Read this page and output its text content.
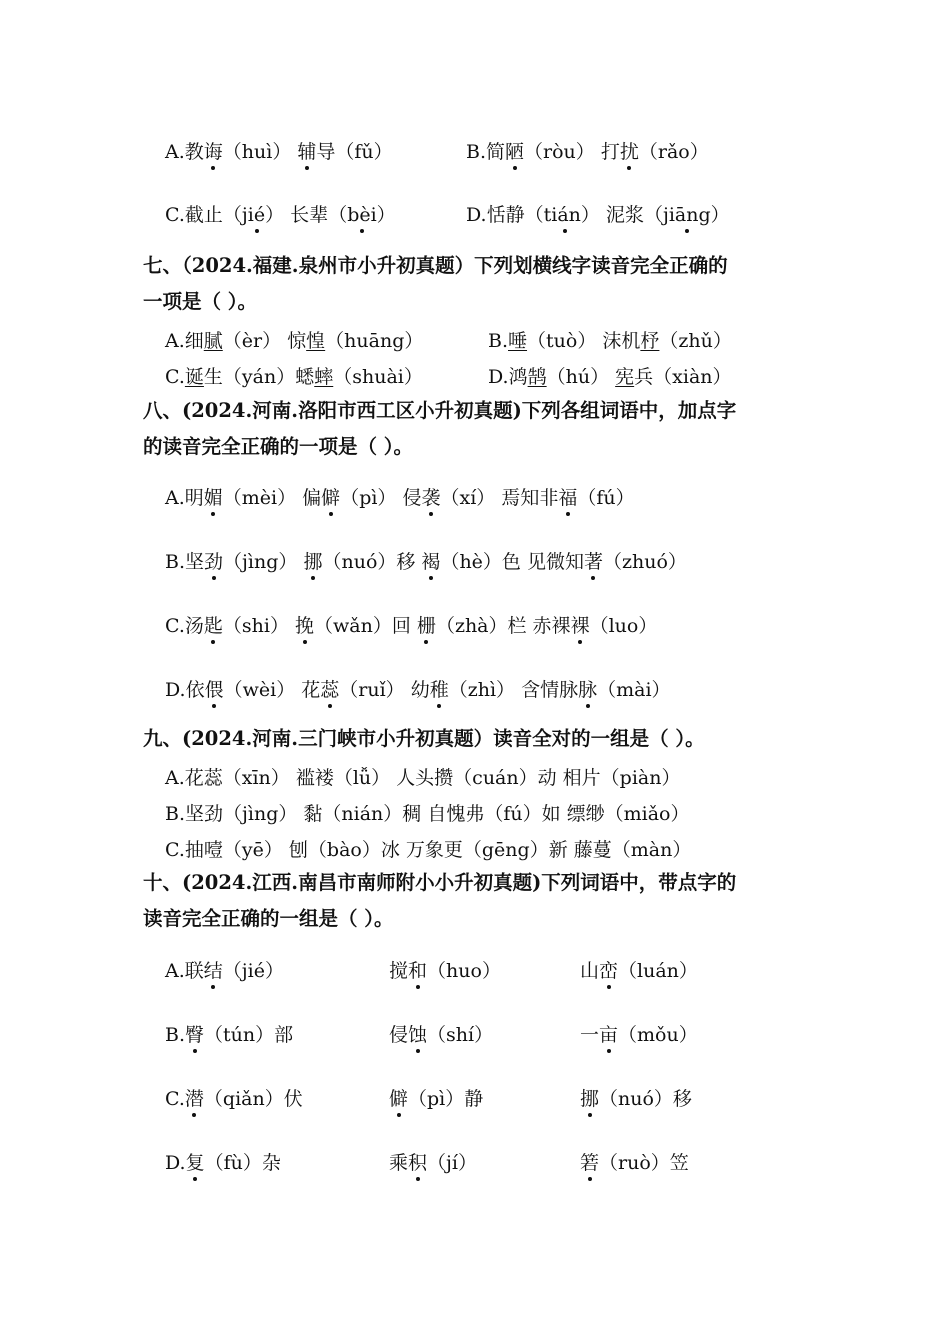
A.教诲（huì） 辅导（fǔ）	B.简陋（ròu） 打扰（rǎo）
C.截止（jié） 长辈（bèi）	D.恬静（tián） 泥浆（jiāng）
七、（2024.福建.泉州市小升初真题）下列划横线字读音完全正确的
一项是（ ）。
A.细腻（èr） 惊惶（huāng）	B.唾（tuò） 沫机杼（zhǔ）
C.诞生（yán）蟋蟀（shuài）	D.鸿鹄（hú） 宪兵（xiàn）
八、(2024.河南.洛阳市西工区小升初真题)下列各组词语中，加点字
的读音完全正确的一项是（ ）。
A.明媚（mèi） 偏僻（pì） 侵袭（xí） 焉知非福（fú）
B.坚劲（jìng） 挪（nuó）移 褐（hè）色 见微知著（zhuó）
C.汤匙（shi） 挽（wǎn）回 栅（zhà）栏 赤裸裸（luo）
D.依偎（wèi） 花蕊（ruǐ） 幼稚（zhì） 含情脉脉（mài）
九、(2024.河南.三门峡市小升初真题）读音全对的一组是（ ）。
A.花蕊（xīn） 褴褛（lǚ） 人头攒（cuán）动 相片（piàn）
B.坚劲（jìng） 黏（nián）稠 自愧弗（fú）如 缥缈（miǎo）
C.抽噎（yē） 刨（bào）冰 万象更（gēng）新 藤蔓（màn）
十、(2024.江西.南昌市南师附小小升初真题)下列词语中，带点字的
读音完全正确的一组是（ ）。
A.联结（jié）	搅和（huo）	山峦（luán）
B.臀（tún）部	侵蚀（shí）	一亩（mǒu）
C.潜（qiǎn）伏	僻（pì）静	挪（nuó）移
D.复（fù）杂	乘积（jí）	箬（ruò）笠
